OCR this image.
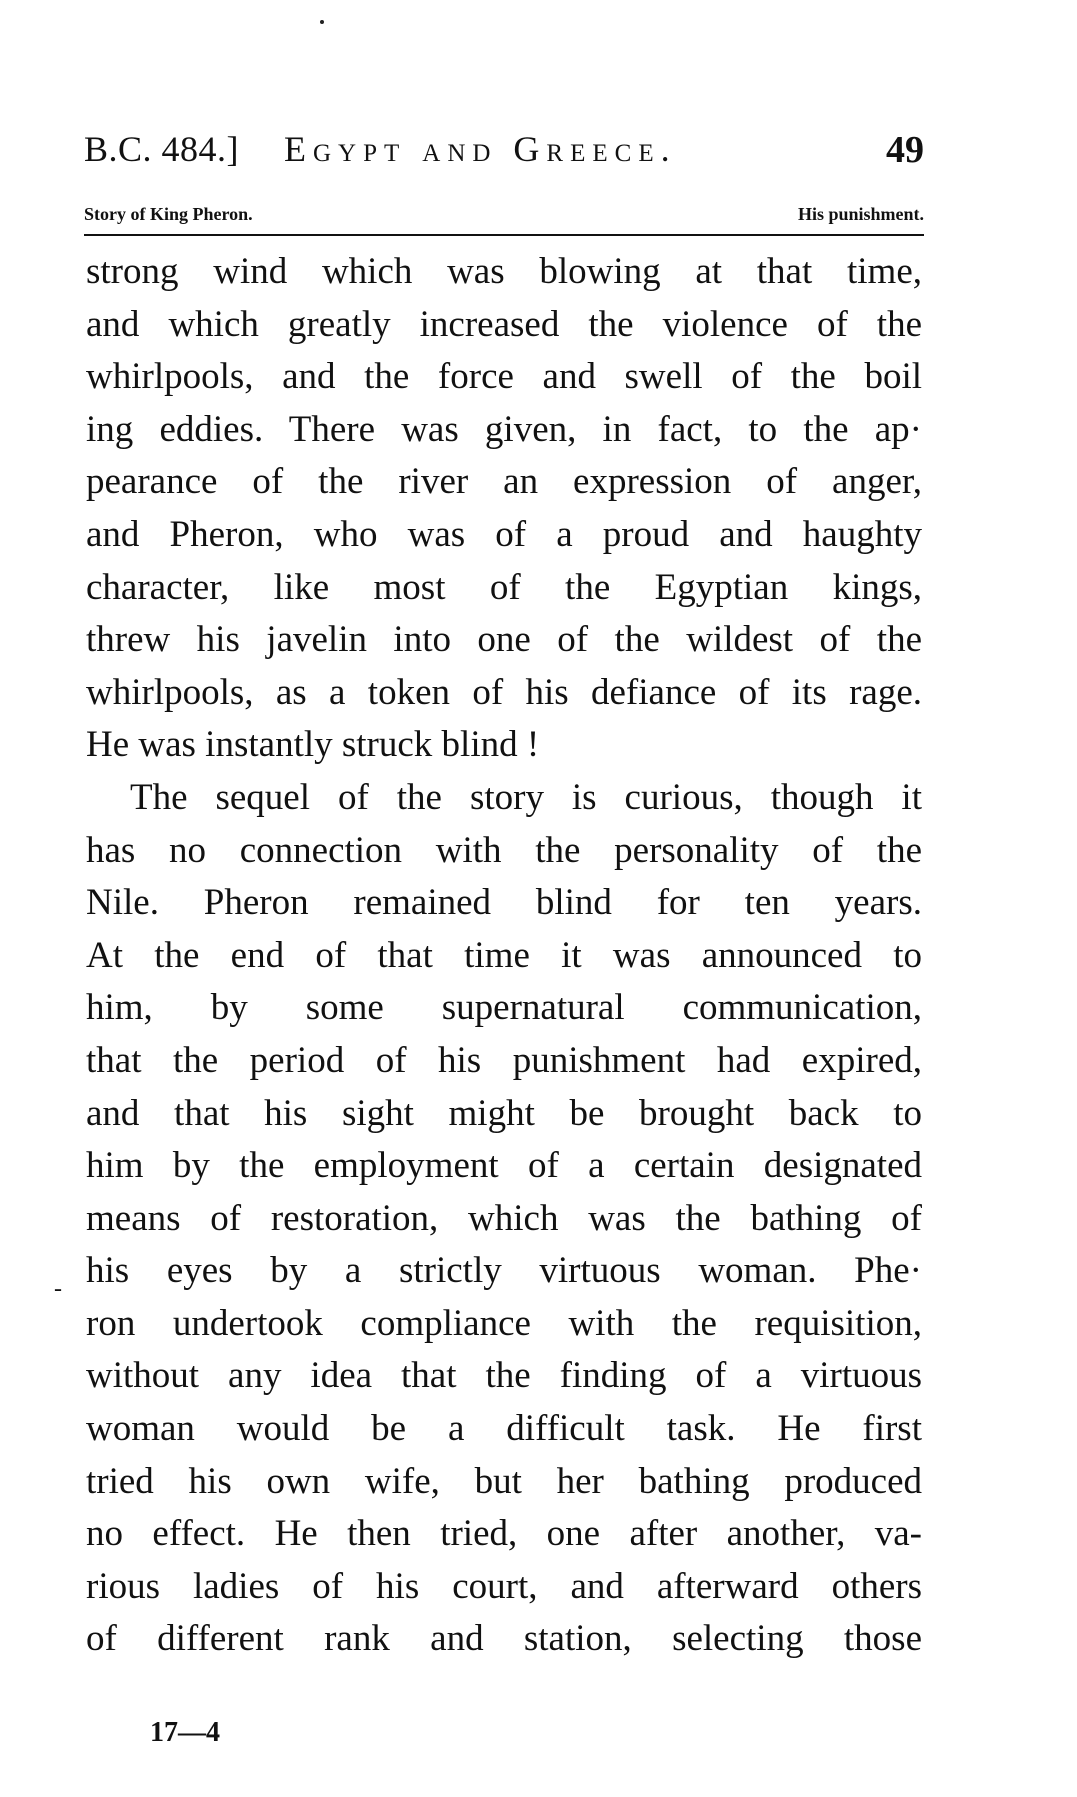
B.C. 484.] Egypt and Greece.	49
Story of King Pheron.	His punishment.
strong wind which was blowing at that time,
and which greatly increased the violence of the
whirlpools, and the force and swell of the boil
ing eddies. There was given, in fact, to the ap·
pearance of the river an expression of anger,
and Pheron, who was of a proud and haughty
character, like most of the Egyptian kings,
threw his javelin into one of the wildest of the
whirlpools, as a token of his defiance of its rage.
He was instantly struck blind !
The sequel of the story is curious, though it
has no connection with the personality of the
Nile. Pheron remained blind for ten years.
At the end of that time it was announced to
him, by some supernatural communication,
that the period of his punishment had expired,
and that his sight might be brought back to
him by the employment of a certain designated
means of restoration, which was the bathing of
his eyes by a strictly virtuous woman. Phe·
ron undertook compliance with the requisition,
without any idea that the finding of a virtuous
woman would be a difficult task. He first
tried his own wife, but her bathing produced
no effect. He then tried, one after another, va-
rious ladies of his court, and afterward others
of different rank and station, selecting those
-
17—4
